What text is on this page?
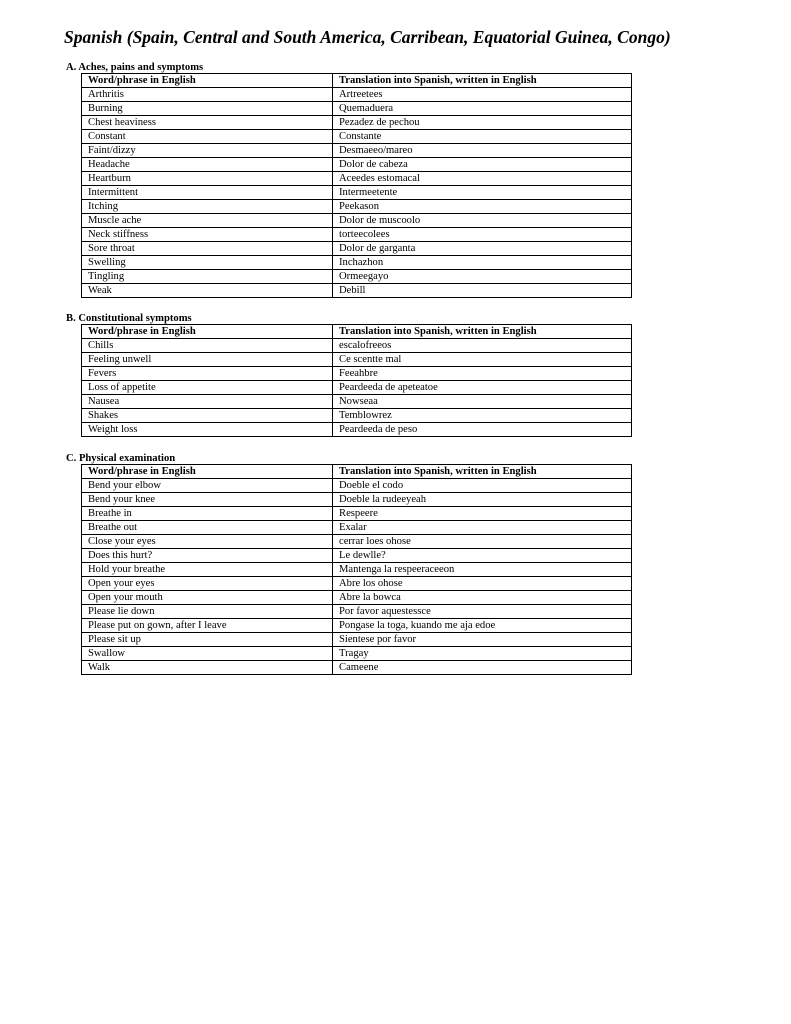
Spanish (Spain, Central and South America, Carribean, Equatorial Guinea, Congo)
A. Aches, pains and symptoms
Word/phrase in English	Translation into Spanish, written in English
Arthritis	Artreetees
Burning	Quemaduera
Chest heaviness	Pezadez de pechou
Constant	Constante
Faint/dizzy	Desmaeeo/mareo
Headache	Dolor de cabeza
Heartburn	Aceedes estomacal
Intermittent	Intermeetente
Itching	Peekason
Muscle ache	Dolor de muscoolo
Neck stiffness	torteecolees
Sore throat	Dolor de garganta
Swelling	Inchazhon
Tingling	Ormeegayo
Weak	Debill
B. Constitutional symptoms
Word/phrase in English	Translation into Spanish, written in English
Chills	escalofreeos
Feeling unwell	Ce scentte mal
Fevers	Feeahbre
Loss of appetite	Peardeeda de apeteatoe
Nausea	Nowseaa
Shakes	Temblowrez
Weight loss	Peardeeda de peso
C. Physical examination
Word/phrase in English	Translation into Spanish, written in English
Bend your elbow	Doeble el codo
Bend your knee	Doeble la rudeeyeah
Breathe in	Respeere
Breathe out	Exalar
Close your eyes	cerrar loes ohose
Does this hurt?	Le dewlle?
Hold your breathe	Mantenga la respeeraceeon
Open your eyes	Abre los ohose
Open your mouth	Abre la bowca
Please lie down	Por favor aquestessce
Please put on gown, after I leave	Pongase la toga, kuando me aja edoe
Please sit up	Sientese por favor
Swallow	Tragay
Walk	Cameene
